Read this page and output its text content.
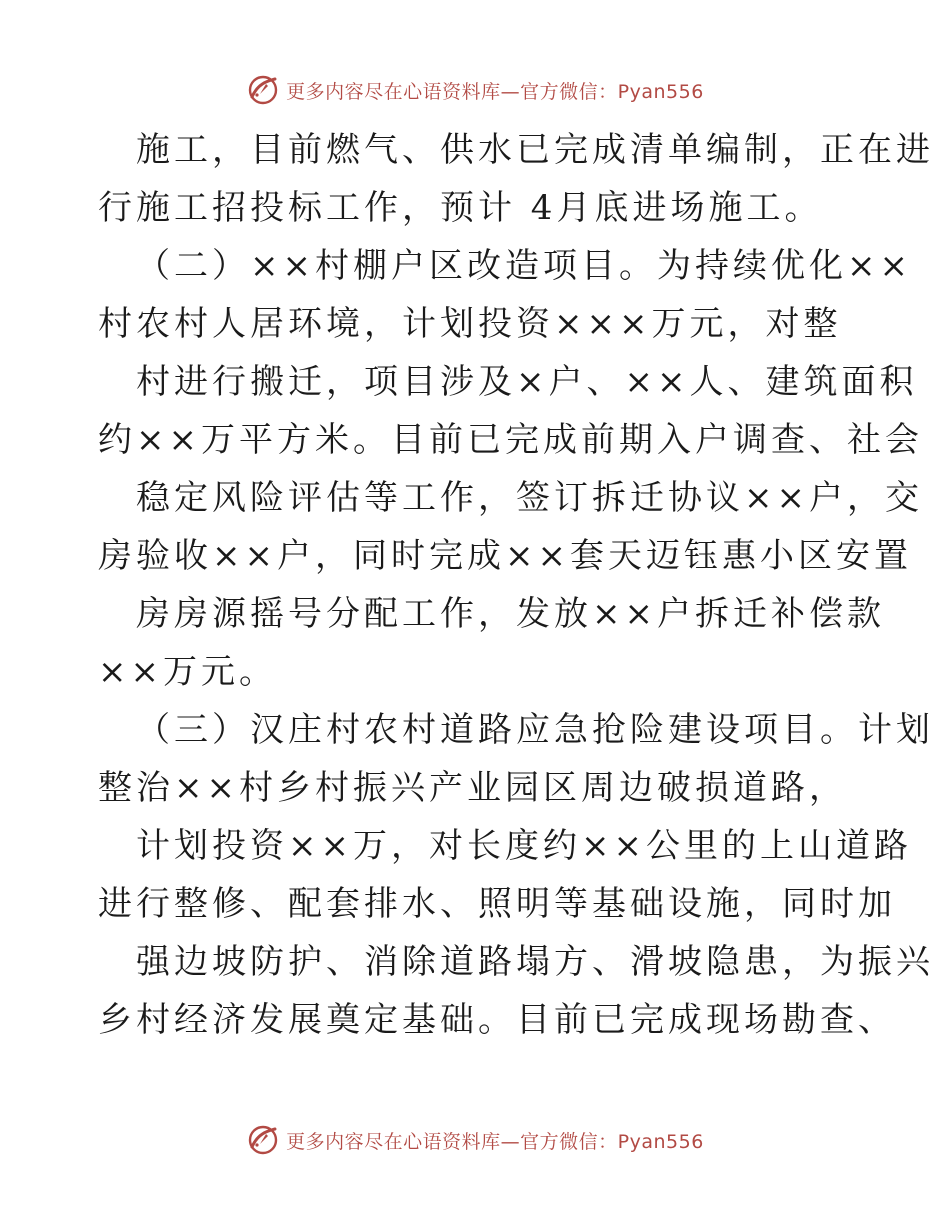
更多内容尽在心语资料库—官方微信：Pyan556
施工，目前燃气、供水已完成清单编制，正在进
行施工招投标工作，预计 4月底进场施工。
（二）××村棚户区改造项目。为持续优化××
村农村人居环境，计划投资×××万元，对整
村进行搬迁，项目涉及×户、××人、建筑面积
约××万平方米。目前已完成前期入户调查、社会
稳定风险评估等工作，签订拆迁协议××户，交
房验收××户，同时完成××套天迈钰惠小区安置
房房源摇号分配工作，发放××户拆迁补偿款
××万元。
（三）汉庄村农村道路应急抢险建设项目。计划
整治××村乡村振兴产业园区周边破损道路，
计划投资××万，对长度约××公里的上山道路
进行整修、配套排水、照明等基础设施，同时加
强边坡防护、消除道路塌方、滑坡隐患，为振兴
乡村经济发展奠定基础。目前已完成现场勘查、
更多内容尽在心语资料库—官方微信：Pyan556
